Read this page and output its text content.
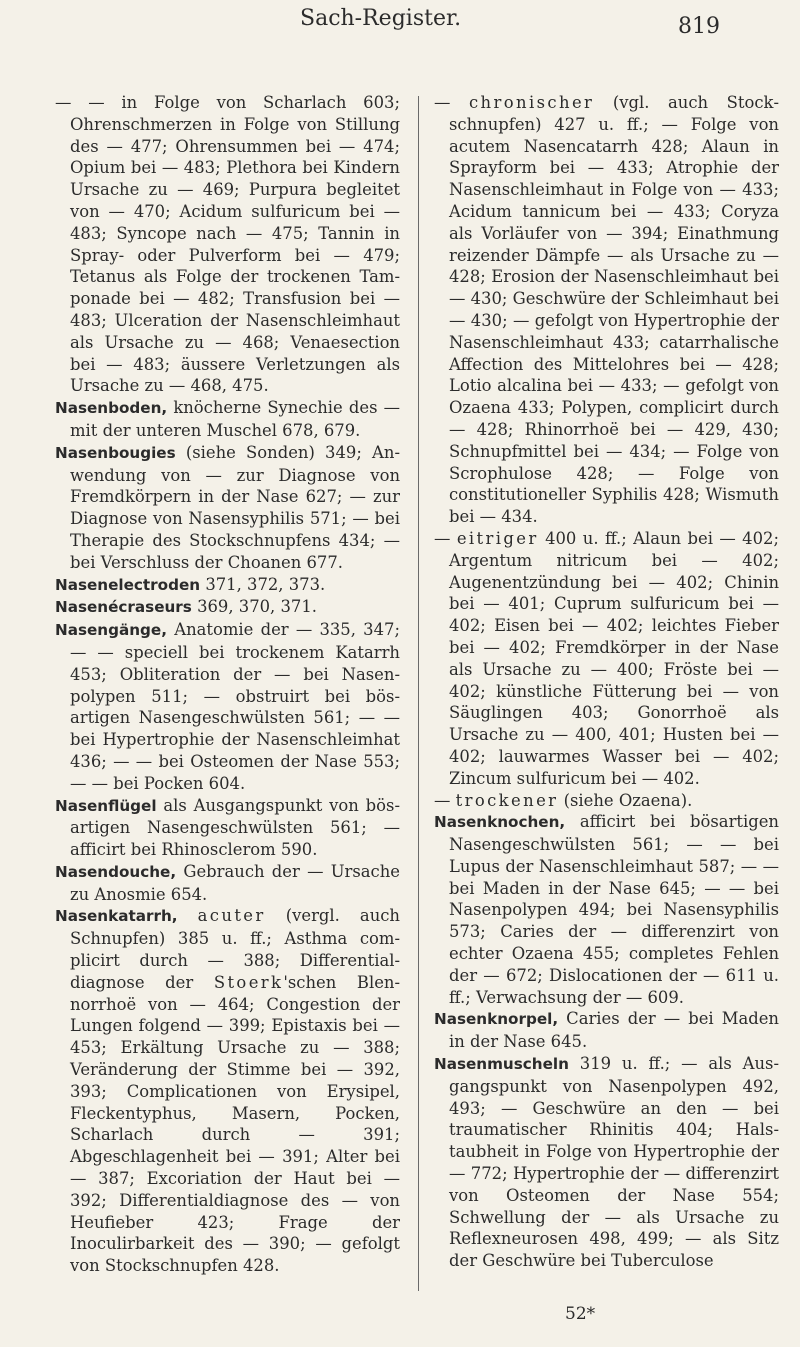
Sach-Register.	819

— — in Folge von Scharlach 603; Ohrenschmerzen in Folge von Stillung des — 477; Ohrensummen bei — 474; Opium bei — 483; Plethora bei Kindern Ursache zu — 469; Purpura begleitet von — 470; Acidum sulfuricum bei — 483; Syncope nach — 475; Tannin in Spray- oder Pulverform bei — 479; Tetanus als Folge der trockenen Tamponade bei — 482; Transfusion bei — 483; Ulceration der Nasenschleimhaut als Ursache zu — 468; Venaesection bei — 483; äussere Verletzungen als Ursache zu — 468, 475.

Nasenboden, knöcherne Synechie des — mit der unteren Muschel 678, 679.

Nasenbougies (siehe Sonden) 349; Anwendung von — zur Diagnose von Fremdkörpern in der Nase 627; — zur Diagnose von Nasensyphilis 571; — bei Therapie des Stockschnupfens 434; — bei Verschluss der Choanen 677.

Nasenelectroden 371, 372, 373.

Nasenécraseurs 369, 370, 371.

Nasengänge, Anatomie der — 335, 347; — — speciell bei trockenem Katarrh 453; Obliteration der — bei Nasenpolypen 511; — obstruirt bei bösartigen Nasengeschwülsten 561; — — bei Hypertrophie der Nasenschleimhat 436; — — bei Osteomen der Nase 553; — — bei Pocken 604.

Nasenflügel als Ausgangspunkt von bösartigen Nasengeschwülsten 561; — afficirt bei Rhinosclerom 590.

Nasendouche, Gebrauch der — Ursache zu Anosmie 654.

Nasenkatarrh, acuter (vergl. auch Schnupfen) 385 u. ff.; Asthma complicirt durch — 388; Differentialdiagnose der Stoerk'schen Blennorrhoë von — 464; Congestion der Lungen folgend — 399; Epistaxis bei — 453; Erkältung Ursache zu — 388; Veränderung der Stimme bei — 392, 393; Complicationen von Erysipel, Fleckentyphus, Masern, Pocken, Scharlach durch — 391; Abgeschlagenheit bei — 391; Alter bei — 387; Excoriation der Haut bei — 392; Differentialdiagnose des — von Heufieber 423; Frage der Inoculirbarkeit des — 390; — gefolgt von Stockschnupfen 428.

— chronischer (vgl. auch Stockschnupfen) 427 u. ff.; — Folge von acutem Nasencatarrh 428; Alaun in Sprayform bei — 433; Atrophie der Nasenschleimhaut in Folge von — 433; Acidum tannicum bei — 433; Coryza als Vorläufer von — 394; Einathmung reizender Dämpfe — als Ursache zu — 428; Erosion der Nasenschleimhaut bei — 430; Geschwüre der Schleimhaut bei — 430; — gefolgt von Hypertrophie der Nasenschleimhaut 433; catarrhalische Affection des Mittelohres bei — 428; Lotio alcalina bei — 433; — gefolgt von Ozaena 433; Polypen, complicirt durch — 428; Rhinorrhoë bei — 429, 430; Schnupfmittel bei — 434; — Folge von Scrophulose 428; — Folge von constitutioneller Syphilis 428; Wismuth bei — 434.

— eitriger 400 u. ff.; Alaun bei — 402; Argentum nitricum bei — 402; Augenentzündung bei — 402; Chinin bei — 401; Cuprum sulfuricum bei — 402; Eisen bei — 402; leichtes Fieber bei — 402; Fremdkörper in der Nase als Ursache zu — 400; Fröste bei — 402; künstliche Fütterung bei — von Säuglingen 403; Gonorrhoë als Ursache zu — 400, 401; Husten bei — 402; lauwarmes Wasser bei — 402; Zincum sulfuricum bei — 402.

— trockener (siehe Ozaena).

Nasenknochen, afficirt bei bösartigen Nasengeschwülsten 561; — — bei Lupus der Nasenschleimhaut 587; — — bei Maden in der Nase 645; — — bei Nasenpolypen 494; bei Nasensyphilis 573; Caries der — differenzirt von echter Ozaena 455; completes Fehlen der — 672; Dislocationen der — 611 u. ff.; Verwachsung der — 609.

Nasenknorpel, Caries der — bei Maden in der Nase 645.

Nasenmuscheln 319 u. ff.; — als Ausgangspunkt von Nasenpolypen 492, 493; — Geschwüre an den — bei traumatischer Rhinitis 404; Halstaubheit in Folge von Hypertrophie der — 772; Hypertrophie der — differenzirt von Osteomen der Nase 554; Schwellung der — als Ursache zu Reflexneurosen 498, 499; — als Sitz der Geschwüre bei Tuberculose

52*
